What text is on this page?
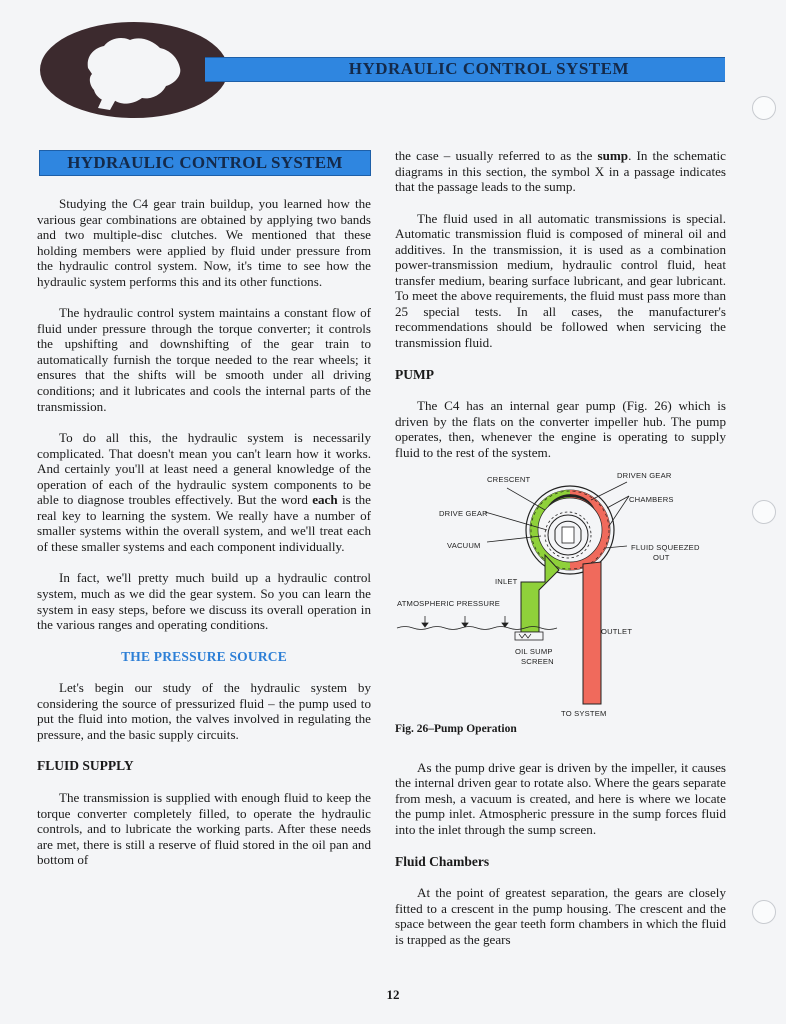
HYDRAULIC CONTROL SYSTEM
HYDRAULIC CONTROL SYSTEM

Studying the C4 gear train buildup, you learned how the various gear combinations are obtained by applying two bands and two multiple-disc clutches. We mentioned that these holding members were applied by fluid under pressure from the hydraulic control system. Now, it's time to see how the hydraulic system performs this and its other functions.

The hydraulic control system maintains a constant flow of fluid under pressure through the torque converter; it controls the upshifting and downshifting of the gear train to automatically furnish the torque needed to the rear wheels; it ensures that the shifts will be smooth under all driving conditions; and it lubricates and cools the internal parts of the transmission.

To do all this, the hydraulic system is necessarily complicated. That doesn't mean you can't learn how it works. And certainly you'll at least need a general knowledge of the operation of each of the hydraulic system components to be able to diagnose troubles effectively. But the word each is the real key to learning the system. We really have a number of smaller systems within the overall system, and we'll treat each of these smaller systems and each component individually.

In fact, we'll pretty much build up a hydraulic control system, much as we did the gear system. So you can learn the system in easy steps, before we discuss its overall operation in the various ranges and operating conditions.

THE PRESSURE SOURCE

Let's begin our study of the hydraulic system by considering the source of pressurized fluid – the pump used to put the fluid into motion, the valves involved in regulating the pressure, and the basic supply circuits.

FLUID SUPPLY

The transmission is supplied with enough fluid to keep the torque converter completely filled, to operate the hydraulic controls, and to lubricate the working parts. After these needs are met, there is still a reserve of fluid stored in the oil pan and bottom of

the case – usually referred to as the sump. In the schematic diagrams in this section, the symbol X in a passage indicates that the passage leads to the sump.

The fluid used in all automatic transmissions is special. Automatic transmission fluid is composed of mineral oil and additives. In the transmission, it is used as a combination power-transmission medium, hydraulic control fluid, heat transfer medium, bearing surface lubricant, and gear lubricant. To meet the above requirements, the fluid must pass more than 25 special tests. In all cases, the manufacturer's recommendations should be followed when servicing the transmission fluid.

PUMP

The C4 has an internal gear pump (Fig. 26) which is driven by the flats on the converter impeller hub. The pump operates, then, whenever the engine is operating to supply fluid to the rest of the system.

CRESCENT	DRIVEN GEAR
CHAMBERS
DRIVE GEAR
VACUUM	FLUID SQUEEZED
OUT
INLET
ATMOSPHERIC PRESSURE
OUTLET
OIL SUMP
SCREEN
TO SYSTEM
Fig. 26–Pump Operation

As the pump drive gear is driven by the impeller, it causes the internal driven gear to rotate also. Where the gears separate from mesh, a vacuum is created, and here is where we locate the pump inlet. Atmospheric pressure in the sump forces fluid into the inlet through the sump screen.

Fluid Chambers

At the point of greatest separation, the gears are closely fitted to a crescent in the pump housing. The crescent and the space between the gear teeth form chambers in which the fluid is trapped as the gears

12
